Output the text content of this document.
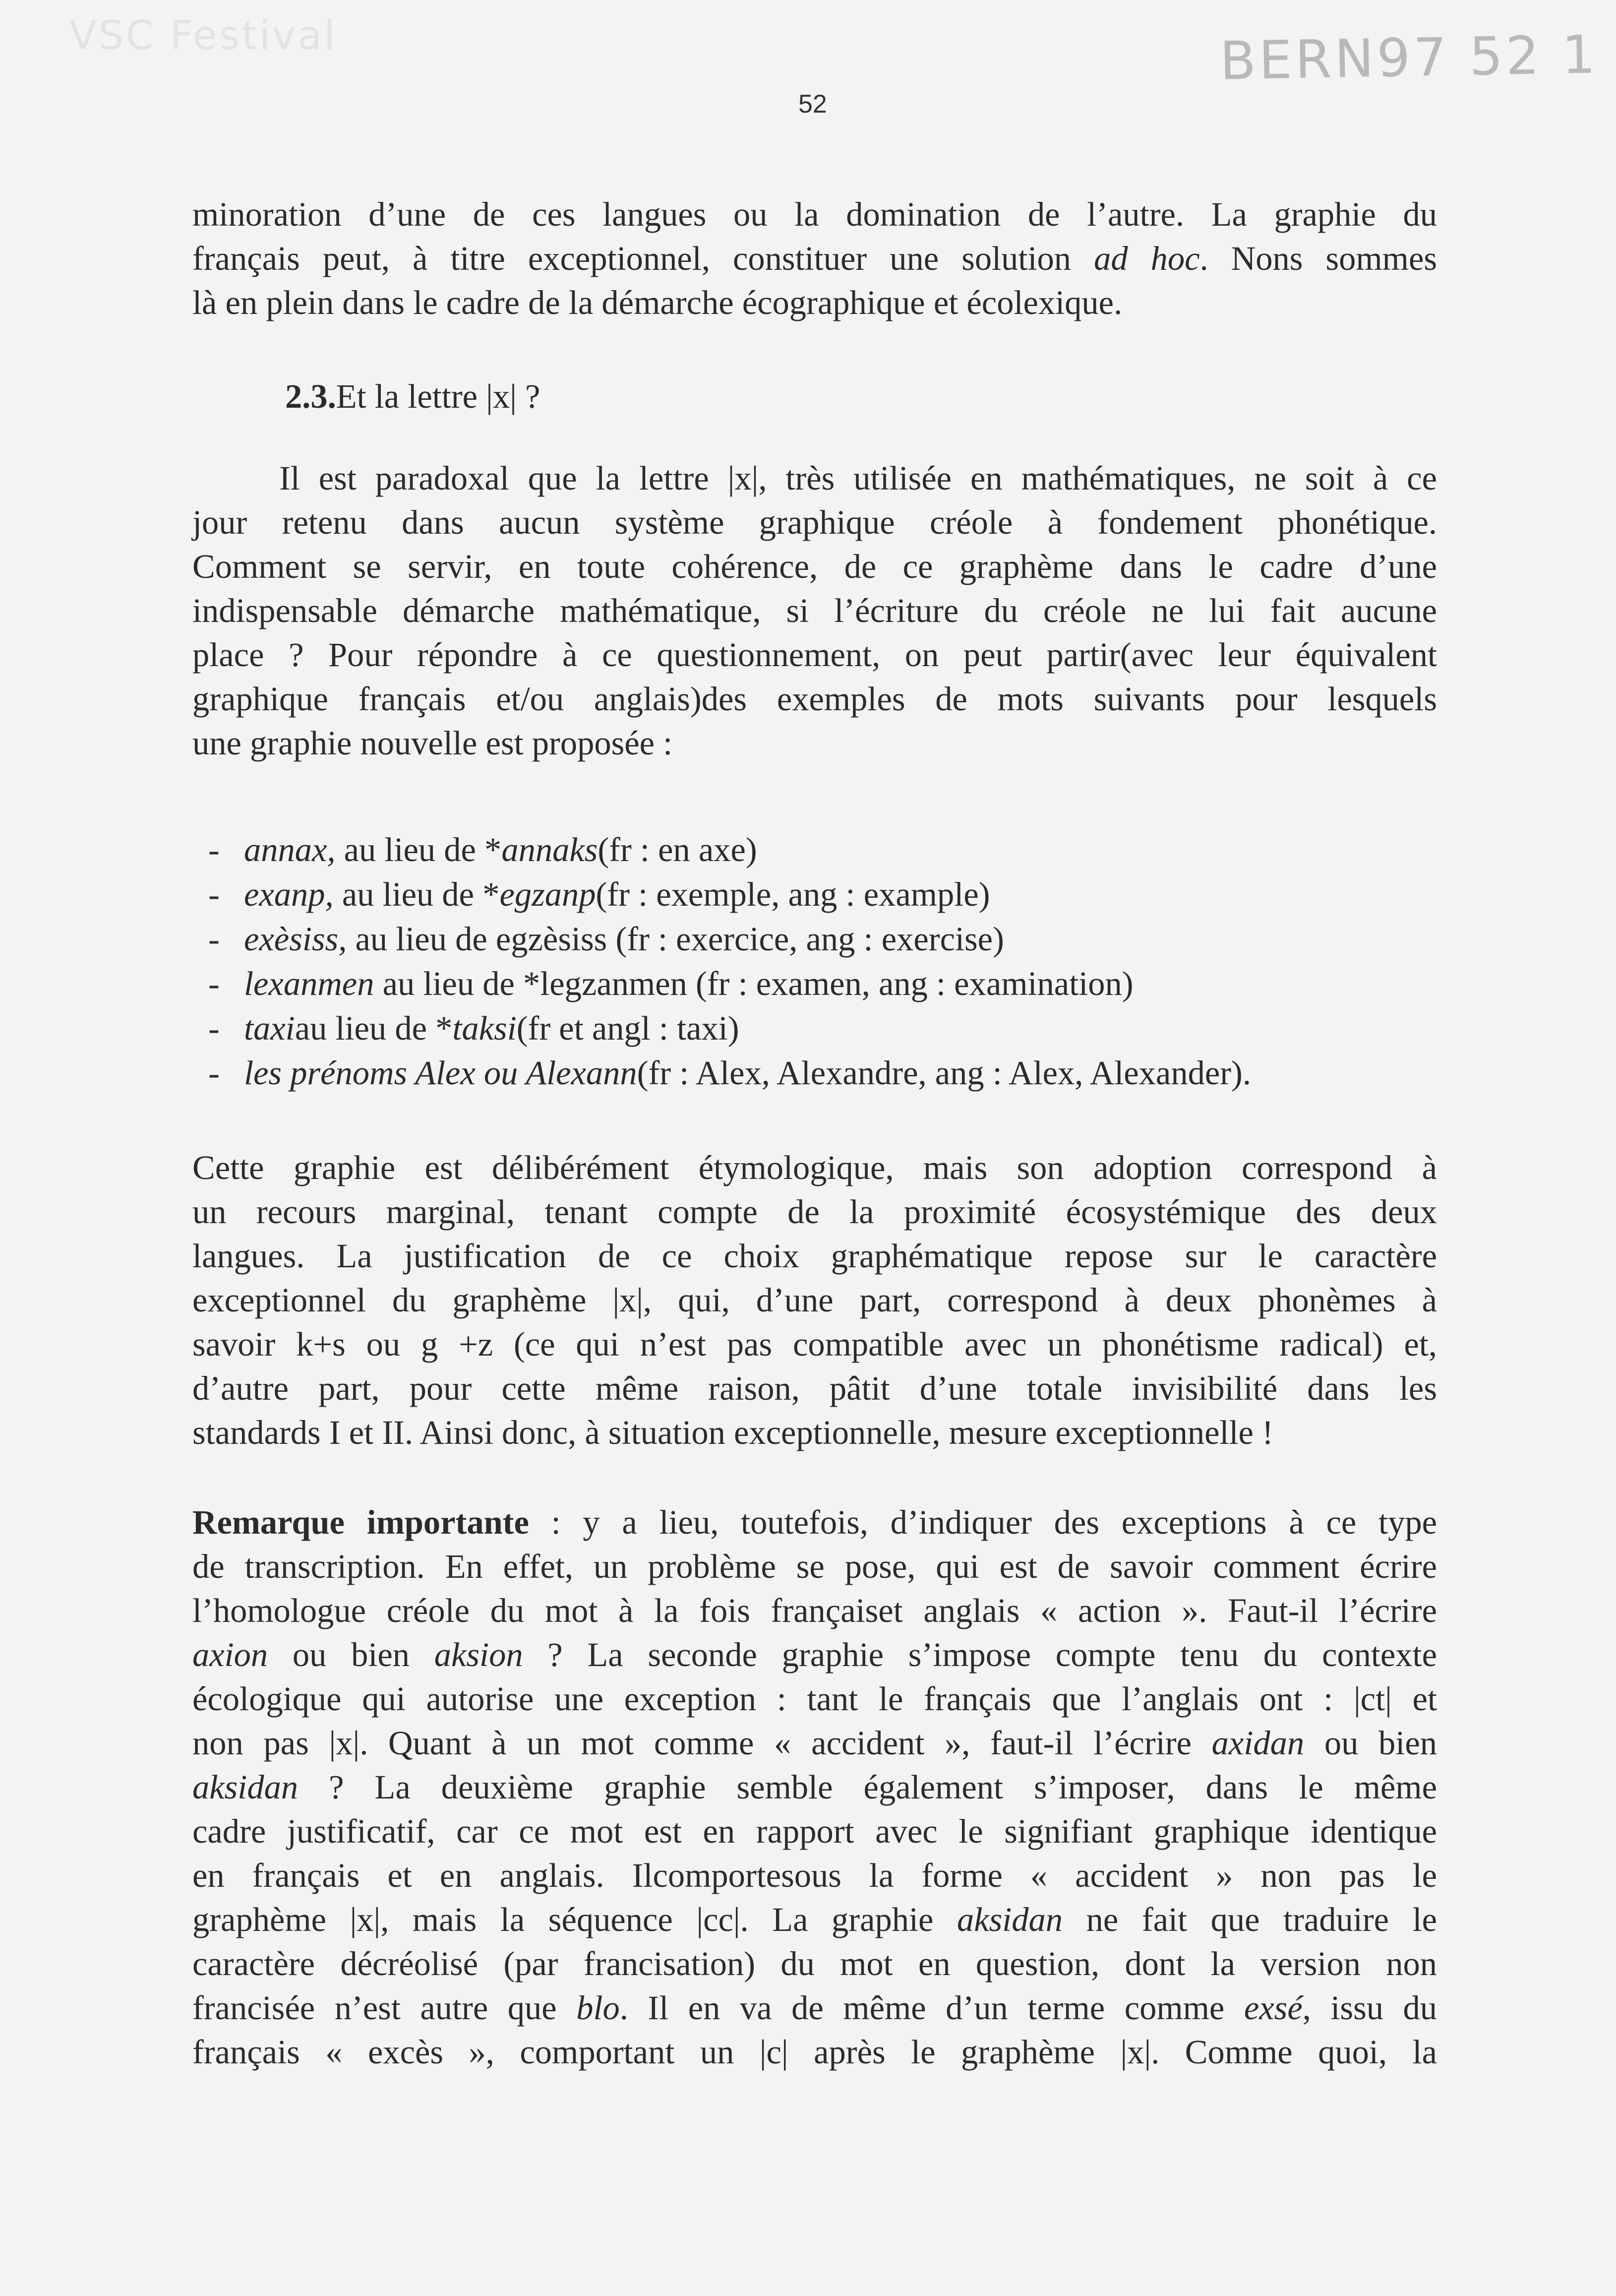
VSC Festival	BERN97 52 1
52
minoration d’une de ces langues ou la domination de l’autre. La graphie du
français peut, à titre exceptionnel, constituer une solution ad hoc. Nons sommes
là en plein dans le cadre de la démarche écographique et écolexique.
2.3.Et la lettre |x| ?
Il est paradoxal que la lettre |x|, très utilisée en mathématiques, ne soit à ce
jour retenu dans aucun système graphique créole à fondement phonétique.
Comment se servir, en toute cohérence, de ce graphème dans le cadre d’une
indispensable démarche mathématique, si l’écriture du créole ne lui fait aucune
place ? Pour répondre à ce questionnement, on peut partir(avec leur équivalent
graphique français et/ou anglais)des exemples de mots suivants pour lesquels
une graphie nouvelle est proposée :
- annax, au lieu de *annaks(fr : en axe)
- exanp, au lieu de *egzanp(fr : exemple, ang : example)
- exèsiss, au lieu de egzèsiss (fr : exercice, ang : exercise)
- lexanmen au lieu de *legzanmen (fr : examen, ang : examination)
- taxiau lieu de *taksi(fr et angl : taxi)
- les prénoms Alex ou Alexann(fr : Alex, Alexandre, ang : Alex, Alexander).
Cette graphie est délibérément étymologique, mais son adoption correspond à
un recours marginal, tenant compte de la proximité écosystémique des deux
langues. La justification de ce choix graphématique repose sur le caractère
exceptionnel du graphème |x|, qui, d’une part, correspond à deux phonèmes à
savoir k+s ou g +z (ce qui n’est pas compatible avec un phonétisme radical) et,
d’autre part, pour cette même raison, pâtit d’une totale invisibilité dans les
standards I et II. Ainsi donc, à situation exceptionnelle, mesure exceptionnelle !
Remarque importante : y a lieu, toutefois, d’indiquer des exceptions à ce type
de transcription. En effet, un problème se pose, qui est de savoir comment écrire
l’homologue créole du mot à la fois françaiset anglais « action ». Faut-il l’écrire
axion ou bien aksion ? La seconde graphie s’impose compte tenu du contexte
écologique qui autorise une exception : tant le français que l’anglais ont : |ct| et
non pas |x|. Quant à un mot comme « accident », faut-il l’écrire axidan ou bien
aksidan ? La deuxième graphie semble également s’imposer, dans le même
cadre justificatif, car ce mot est en rapport avec le signifiant graphique identique
en français et en anglais. Ilcomportesous la forme « accident » non pas le
graphème |x|, mais la séquence |cc|. La graphie aksidan ne fait que traduire le
caractère décréolisé (par francisation) du mot en question, dont la version non
francisée n’est autre que blo. Il en va de même d’un terme comme exsé, issu du
français « excès », comportant un |c| après le graphème |x|. Comme quoi, la
